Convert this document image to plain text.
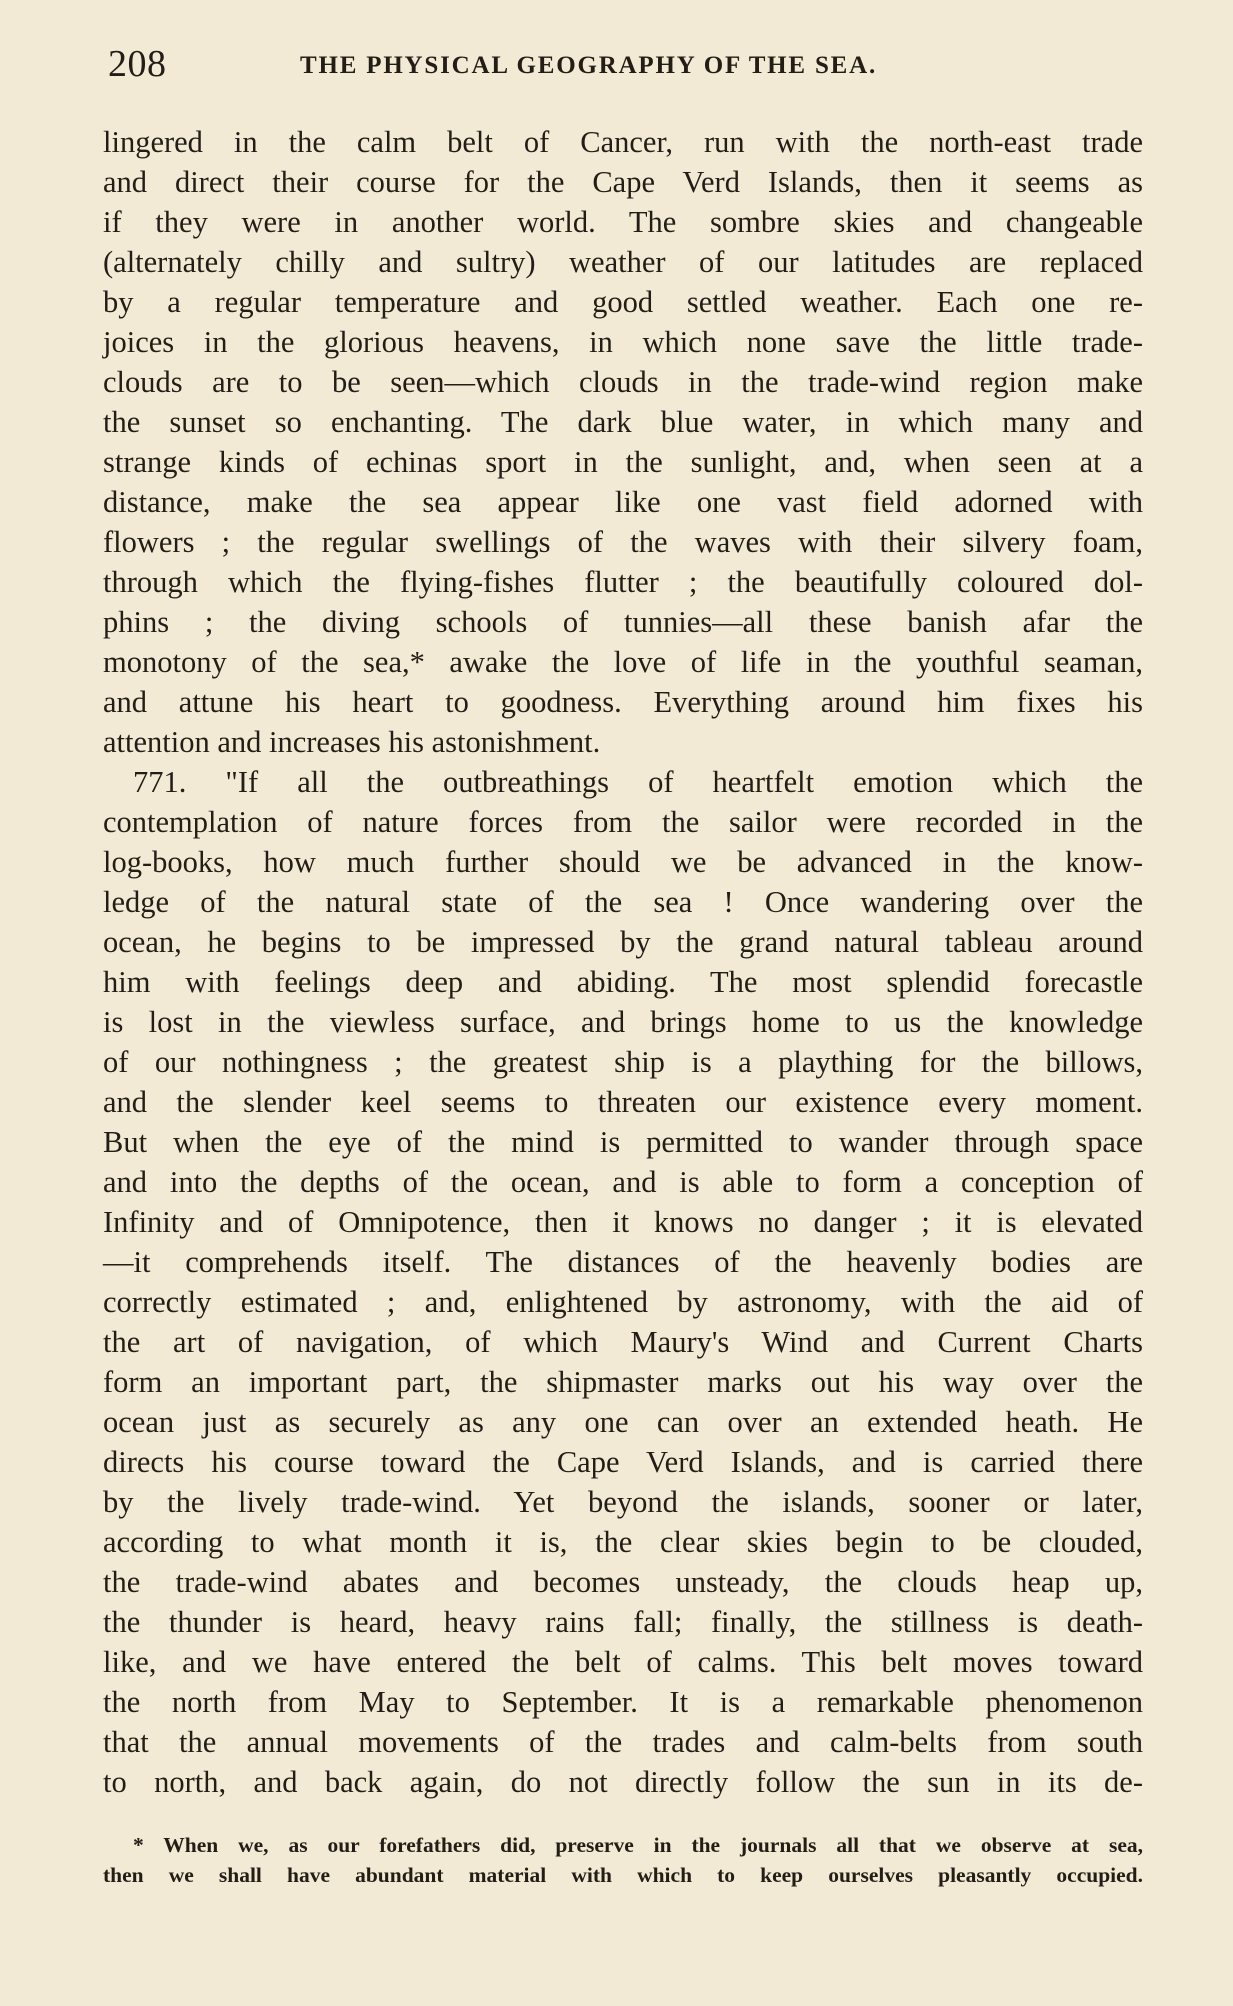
208	THE PHYSICAL GEOGRAPHY OF THE SEA.
lingered in the calm belt of Cancer, run with the north-east trade
and direct their course for the Cape Verd Islands, then it seems as
if they were in another world. The sombre skies and changeable
(alternately chilly and sultry) weather of our latitudes are replaced
by a regular temperature and good settled weather. Each one re-
joices in the glorious heavens, in which none save the little trade-
clouds are to be seen—which clouds in the trade-wind region make
the sunset so enchanting. The dark blue water, in which many and
strange kinds of echinas sport in the sunlight, and, when seen at a
distance, make the sea appear like one vast field adorned with
flowers ; the regular swellings of the waves with their silvery foam,
through which the flying-fishes flutter ; the beautifully coloured dol-
phins ; the diving schools of tunnies—all these banish afar the
monotony of the sea,* awake the love of life in the youthful seaman,
and attune his heart to goodness. Everything around him fixes his
attention and increases his astonishment.
771. "If all the outbreathings of heartfelt emotion which the
contemplation of nature forces from the sailor were recorded in the
log-books, how much further should we be advanced in the know-
ledge of the natural state of the sea ! Once wandering over the
ocean, he begins to be impressed by the grand natural tableau around
him with feelings deep and abiding. The most splendid forecastle
is lost in the viewless surface, and brings home to us the knowledge
of our nothingness ; the greatest ship is a plaything for the billows,
and the slender keel seems to threaten our existence every moment.
But when the eye of the mind is permitted to wander through space
and into the depths of the ocean, and is able to form a conception of
Infinity and of Omnipotence, then it knows no danger ; it is elevated
—it comprehends itself. The distances of the heavenly bodies are
correctly estimated ; and, enlightened by astronomy, with the aid of
the art of navigation, of which Maury's Wind and Current Charts
form an important part, the shipmaster marks out his way over the
ocean just as securely as any one can over an extended heath. He
directs his course toward the Cape Verd Islands, and is carried there
by the lively trade-wind. Yet beyond the islands, sooner or later,
according to what month it is, the clear skies begin to be clouded,
the trade-wind abates and becomes unsteady, the clouds heap up,
the thunder is heard, heavy rains fall; finally, the stillness is death-
like, and we have entered the belt of calms. This belt moves toward
the north from May to September. It is a remarkable phenomenon
that the annual movements of the trades and calm-belts from south
to north, and back again, do not directly follow the sun in its de-
* When we, as our forefathers did, preserve in the journals all that we observe at sea,
then we shall have abundant material with which to keep ourselves pleasantly occupied.
